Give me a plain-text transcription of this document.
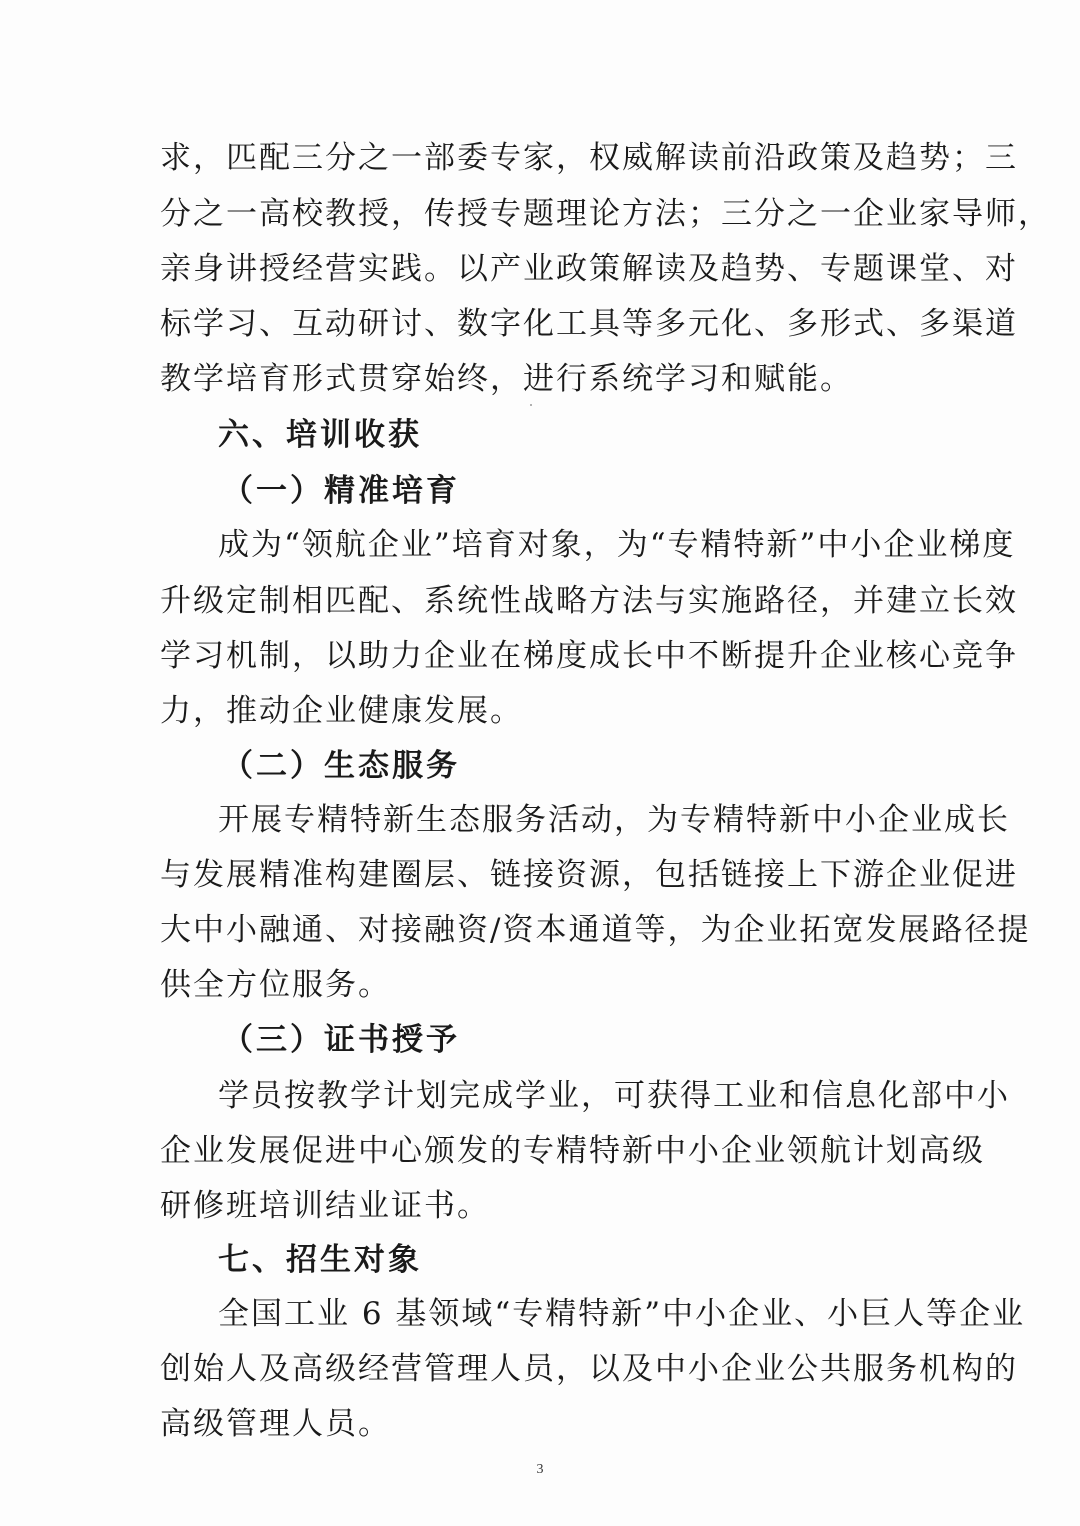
求，匹配三分之一部委专家，权威解读前沿政策及趋势；三
分之一高校教授，传授专题理论方法；三分之一企业家导师，
亲身讲授经营实践。以产业政策解读及趋势、专题课堂、对
标学习、互动研讨、数字化工具等多元化、多形式、多渠道
教学培育形式贯穿始终，进行系统学习和赋能。
六、培训收获
（一）精准培育
成为“领航企业”培育对象，为“专精特新”中小企业梯度
升级定制相匹配、系统性战略方法与实施路径，并建立长效
学习机制，以助力企业在梯度成长中不断提升企业核心竞争
力，推动企业健康发展。
（二）生态服务
开展专精特新生态服务活动，为专精特新中小企业成长
与发展精准构建圈层、链接资源，包括链接上下游企业促进
大中小融通、对接融资/资本通道等，为企业拓宽发展路径提
供全方位服务。
（三）证书授予
学员按教学计划完成学业，可获得工业和信息化部中小
企业发展促进中心颁发的专精特新中小企业领航计划高级
研修班培训结业证书。
七、招生对象
全国工业 6 基领域“专精特新”中小企业、小巨人等企业
创始人及高级经营管理人员，以及中小企业公共服务机构的
高级管理人员。
3
